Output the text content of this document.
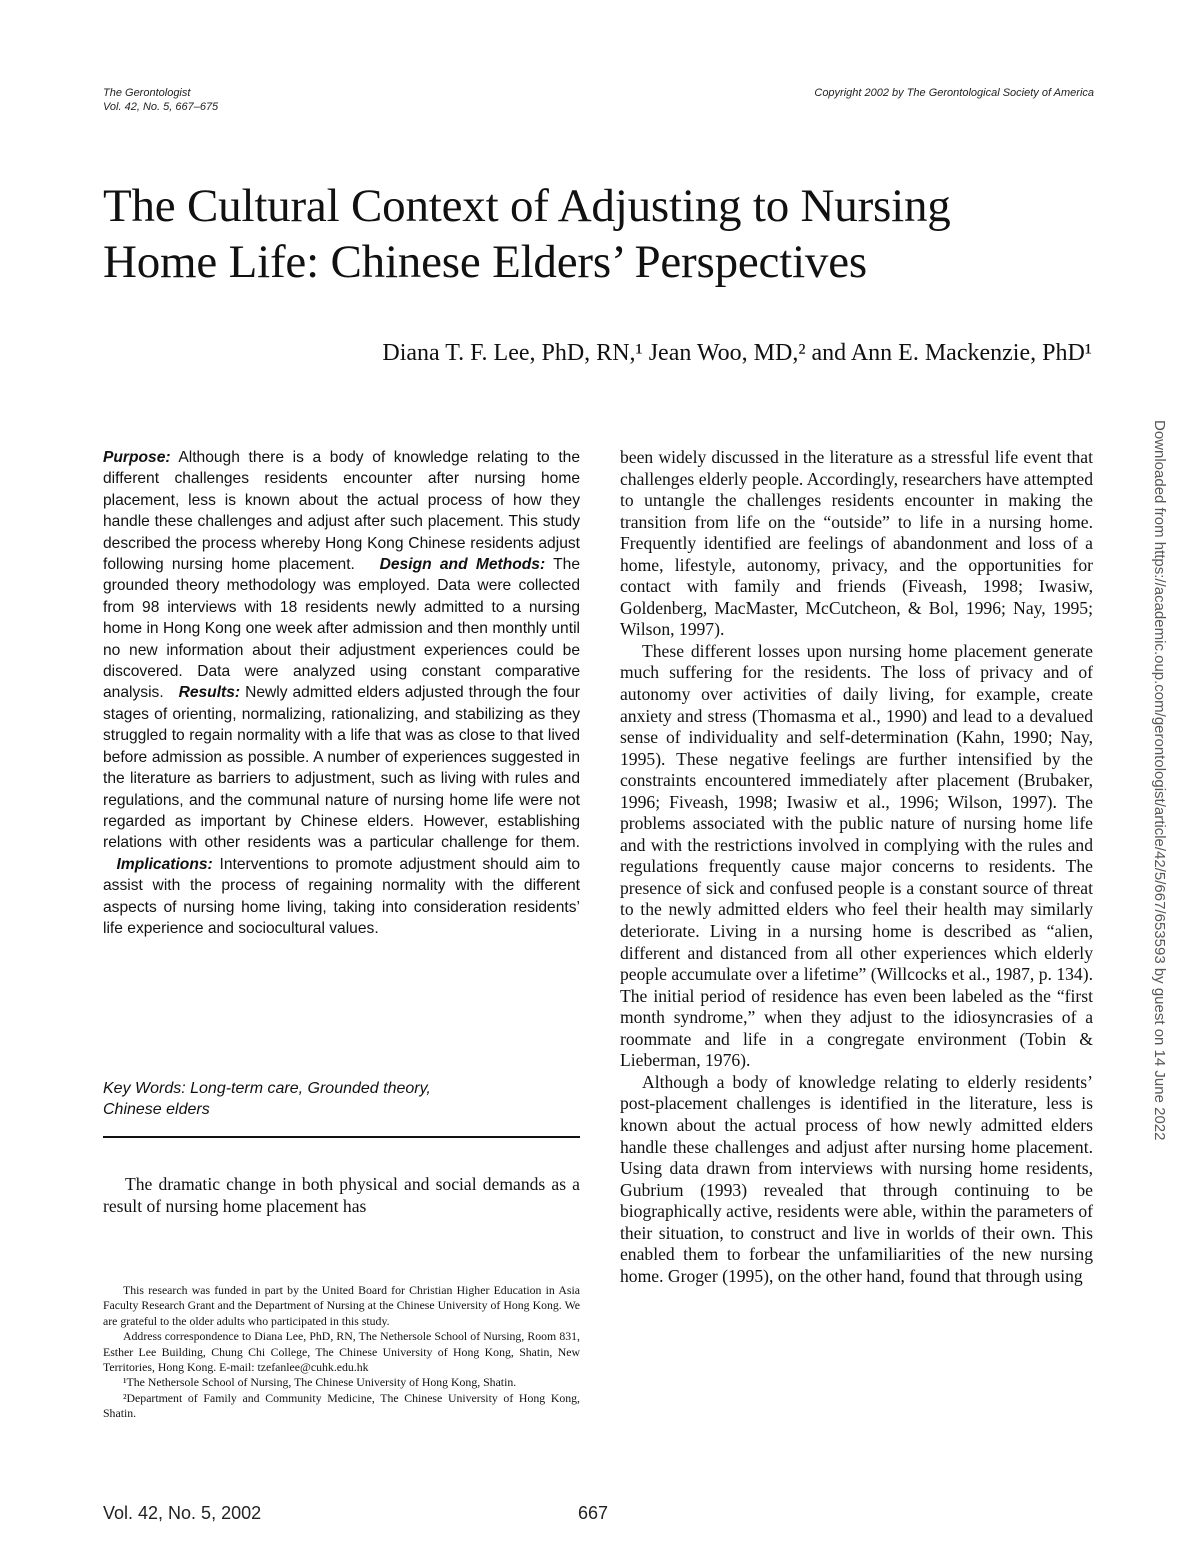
The Gerontologist
Vol. 42, No. 5, 667–675
Copyright 2002 by The Gerontological Society of America
The Cultural Context of Adjusting to Nursing
Home Life: Chinese Elders’ Perspectives
Diana T. F. Lee, PhD, RN,¹ Jean Woo, MD,² and Ann E. Mackenzie, PhD¹
Downloaded from https://academic.oup.com/gerontologist/article/42/5/667/653593 by guest on 14 June 2022

Purpose: Although there is a body of knowledge relating to the different challenges residents encounter after nursing home placement, less is known about the actual process of how they handle these challenges and adjust after such placement. This study described the process whereby Hong Kong Chinese residents adjust following nursing home placement. Design and Methods: The grounded theory methodology was employed. Data were collected from 98 interviews with 18 residents newly admitted to a nursing home in Hong Kong one week after admission and then monthly until no new information about their adjustment experiences could be discovered. Data were analyzed using constant comparative analysis. Results: Newly admitted elders adjusted through the four stages of orienting, normalizing, rationalizing, and stabilizing as they struggled to regain normality with a life that was as close to that lived before admission as possible. A number of experiences suggested in the literature as barriers to adjustment, such as living with rules and regulations, and the communal nature of nursing home life were not regarded as important by Chinese elders. However, establishing relations with other residents was a particular challenge for them.   Implications: Interventions to promote adjustment should aim to assist with the process of regaining normality with the different aspects of nursing home living, taking into consideration residents’ life experience and sociocultural values.

Key Words: Long-term care, Grounded theory,
Chinese elders

The dramatic change in both physical and social demands as a result of nursing home placement has

This research was funded in part by the United Board for Christian Higher Education in Asia Faculty Research Grant and the Department of Nursing at the Chinese University of Hong Kong. We are grateful to the older adults who participated in this study.

Address correspondence to Diana Lee, PhD, RN, The Nethersole School of Nursing, Room 831, Esther Lee Building, Chung Chi College, The Chinese University of Hong Kong, Shatin, New Territories, Hong Kong. E-mail: tzefanlee@cuhk.edu.hk

¹The Nethersole School of Nursing, The Chinese University of Hong Kong, Shatin.

²Department of Family and Community Medicine, The Chinese University of Hong Kong, Shatin.

been widely discussed in the literature as a stressful life event that challenges elderly people. Accordingly, researchers have attempted to untangle the challenges residents encounter in making the transition from life on the “outside” to life in a nursing home. Frequently identified are feelings of abandonment and loss of a home, lifestyle, autonomy, privacy, and the opportunities for contact with family and friends (Fiveash, 1998; Iwasiw, Goldenberg, MacMaster, McCutcheon, & Bol, 1996; Nay, 1995; Wilson, 1997).

These different losses upon nursing home placement generate much suffering for the residents. The loss of privacy and of autonomy over activities of daily living, for example, create anxiety and stress (Thomasma et al., 1990) and lead to a devalued sense of individuality and self-determination (Kahn, 1990; Nay, 1995). These negative feelings are further intensified by the constraints encountered immediately after placement (Brubaker, 1996; Fiveash, 1998; Iwasiw et al., 1996; Wilson, 1997). The problems associated with the public nature of nursing home life and with the restrictions involved in complying with the rules and regulations frequently cause major concerns to residents. The presence of sick and confused people is a constant source of threat to the newly admitted elders who feel their health may similarly deteriorate. Living in a nursing home is described as “alien, different and distanced from all other experiences which elderly people accumulate over a lifetime” (Willcocks et al., 1987, p. 134). The initial period of residence has even been labeled as the “first month syndrome,” when they adjust to the idiosyncrasies of a roommate and life in a congregate environment (Tobin & Lieberman, 1976).

Although a body of knowledge relating to elderly residents’ post-placement challenges is identified in the literature, less is known about the actual process of how newly admitted elders handle these challenges and adjust after nursing home placement. Using data drawn from interviews with nursing home residents, Gubrium (1993) revealed that through continuing to be biographically active, residents were able, within the parameters of their situation, to construct and live in worlds of their own. This enabled them to forbear the unfamiliarities of the new nursing home. Groger (1995), on the other hand, found that through using

Vol. 42, No. 5, 2002	667
